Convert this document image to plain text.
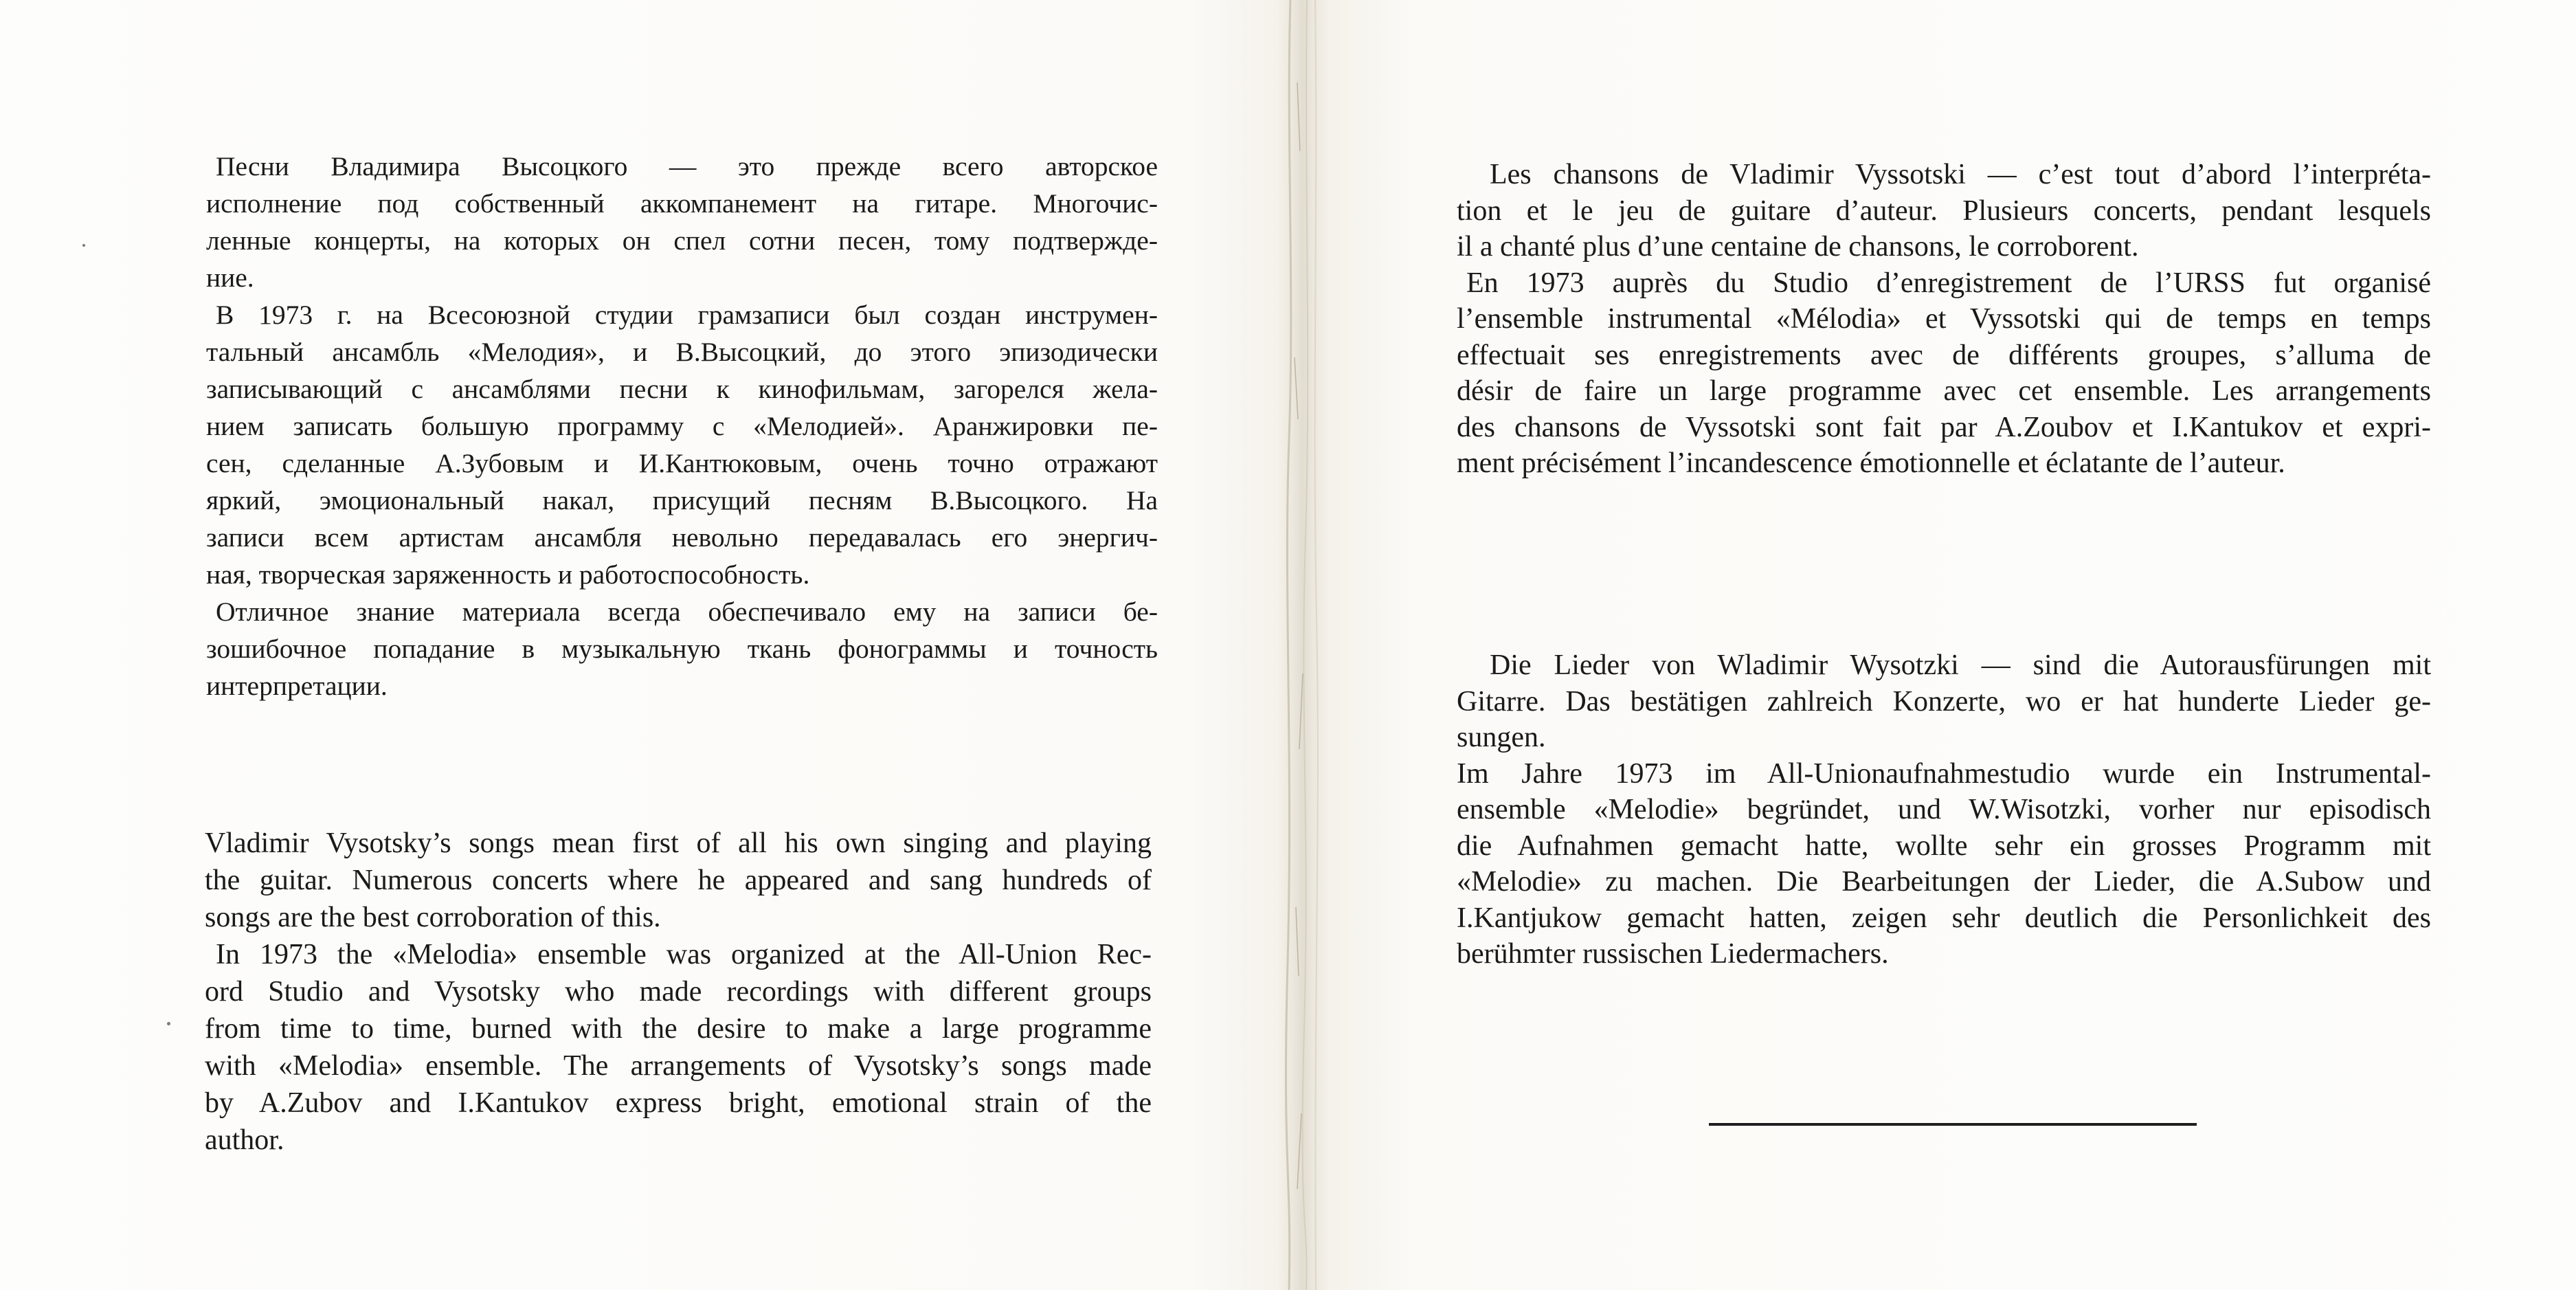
Песни Владимира Высоцкого — это прежде всего авторское
исполнение под собственный аккомпанемент на гитаре. Многочис-
ленные концерты, на которых он спел сотни песен, тому подтвержде-
ние.

В 1973 г. на Всесоюзной студии грамзаписи был создан инструмен-
тальный ансамбль «Мелодия», и В.Высоцкий, до этого эпизодически
записывающий с ансамблями песни к кинофильмам, загорелся жела-
нием записать большую программу с «Мелодией». Аранжировки пе-
сен, сделанные А.Зубовым и И.Кантюковым, очень точно отражают
яркий, эмоциональный накал, присущий песням В.Высоцкого. На
записи всем артистам ансамбля невольно передавалась его энергич-
ная, творческая заряженность и работоспособность.

Отличное знание материала всегда обеспечивало ему на записи бе-
зошибочное попадание в музыкальную ткань фонограммы и точность
интерпретации.

Vladimir Vysotsky’s songs mean first of all his own singing and playing
the guitar. Numerous concerts where he appeared and sang hundreds of
songs are the best corroboration of this.

In 1973 the «Melodia» ensemble was organized at the All-Union Rec-
ord Studio and Vysotsky who made recordings with different groups
from time to time, burned with the desire to make a large programme
with «Melodia» ensemble. The arrangements of Vysotsky’s songs made
by A.Zubov and I.Kantukov express bright, emotional strain of the
author.

Les chansons de Vladimir Vyssotski — c’est tout d’abord l’interpréta-
tion et le jeu de guitare d’auteur. Plusieurs concerts, pendant lesquels
il a chanté plus d’une centaine de chansons, le corroborent.

En 1973 auprès du Studio d’enregistrement de l’URSS fut organisé
l’ensemble instrumental «Mélodia» et Vyssotski qui de temps en temps
effectuait ses enregistrements avec de différents groupes, s’alluma de
désir de faire un large programme avec cet ensemble. Les arrangements
des chansons de Vyssotski sont fait par A.Zoubov et I.Kantukov et expri-
ment précisément l’incandescence émotionnelle et éclatante de l’auteur.

Die Lieder von Wladimir Wysotzki — sind die Autorausfürungen mit
Gitarre. Das bestätigen zahlreich Konzerte, wo er hat hunderte Lieder ge-
sungen.

Im Jahre 1973 im All-Unionaufnahmestudio wurde ein Instrumental-
ensemble «Melodie» begründet, und W.Wisotzki, vorher nur episodisch
die Aufnahmen gemacht hatte, wollte sehr ein grosses Programm mit
«Melodie» zu machen. Die Bearbeitungen der Lieder, die A.Subow und
I.Kantjukow gemacht hatten, zeigen sehr deutlich die Personlichkeit des
berühmter russischen Liedermachers.
